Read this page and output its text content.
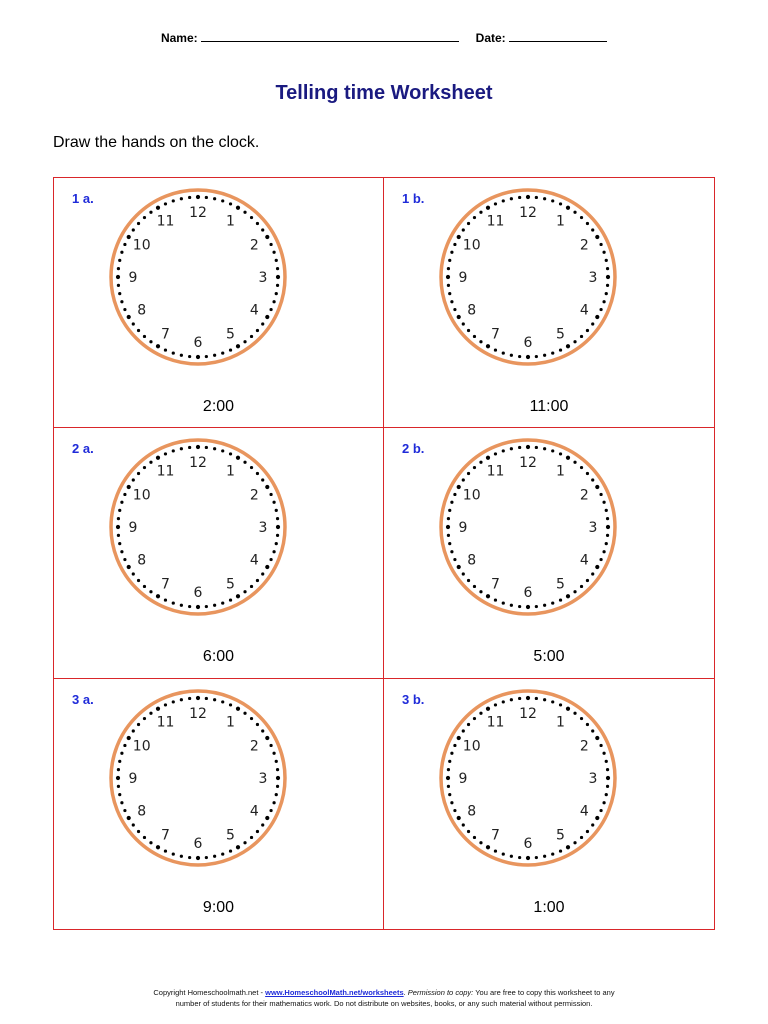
Name:	Date:
Telling time Worksheet
Draw the hands on the clock.
1 a.
12
1
2
3
4
5
6
7
8
9
10
11
2:00
1 b.
12
1
2
3
4
5
6
7
8
9
10
11
11:00
2 a.
12
1
2
3
4
5
6
7
8
9
10
11
6:00
2 b.
12
1
2
3
4
5
6
7
8
9
10
11
5:00
3 a.
12
1
2
3
4
5
6
7
8
9
10
11
9:00
3 b.
12
1
2
3
4
5
6
7
8
9
10
11
1:00
Copyright Homeschoolmath.net - www.HomeschoolMath.net/worksheets. Permission to copy: You are free to copy this worksheet to any
number of students for their mathematics work. Do not distribute on websites, books, or any such material without permission.
